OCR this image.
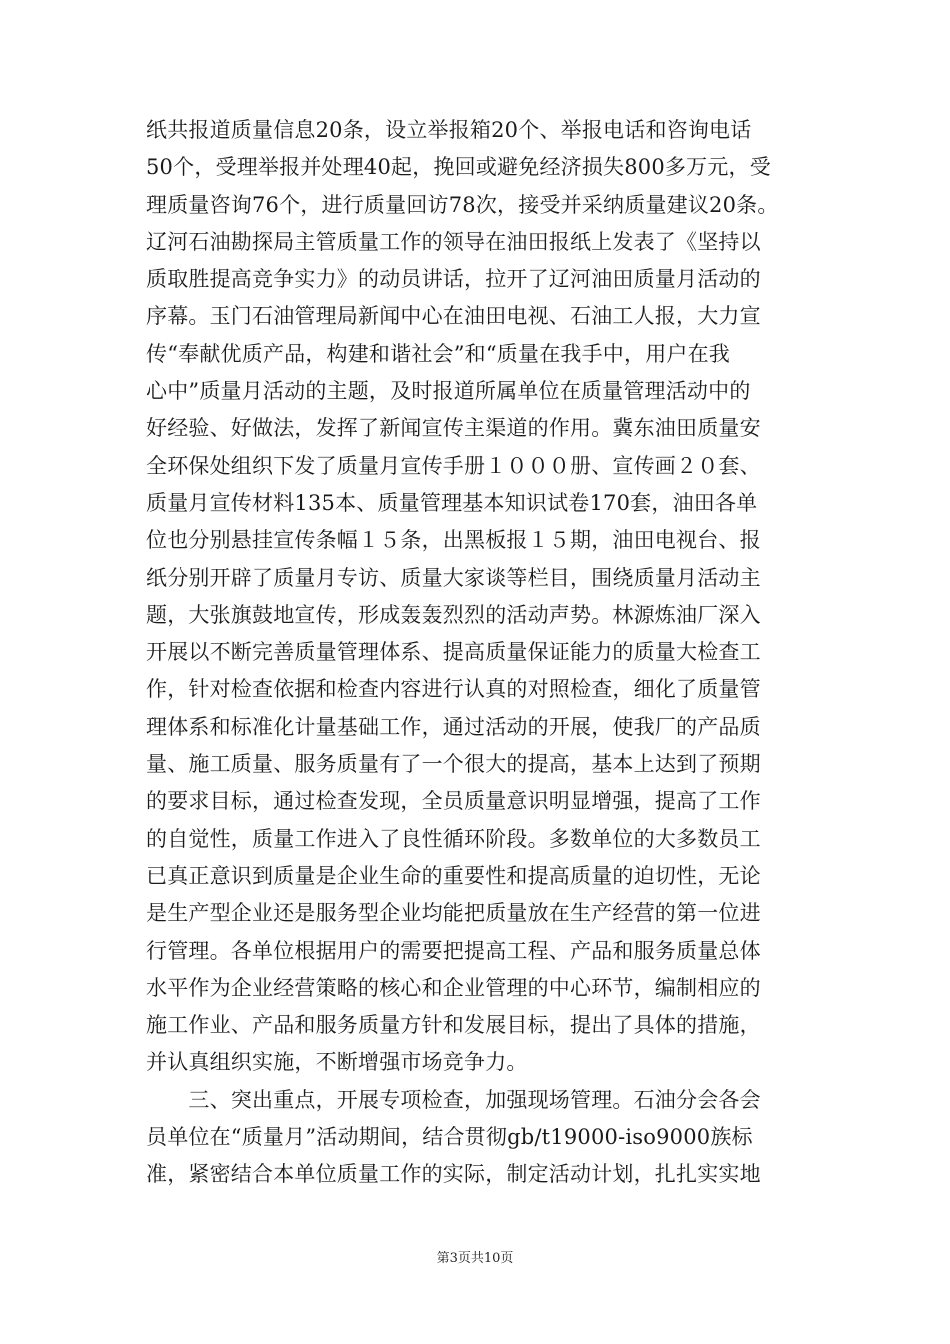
纸共报道质量信息20条，设立举报箱20个、举报电话和咨询电话
50个，受理举报并处理40起，挽回或避免经济损失800多万元，受
理质量咨询76个，进行质量回访78次，接受并采纳质量建议20条。
辽河石油勘探局主管质量工作的领导在油田报纸上发表了《坚持以
质取胜提高竞争实力》的动员讲话，拉开了辽河油田质量月活动的
序幕。玉门石油管理局新闻中心在油田电视、石油工人报，大力宣
传“奉献优质产品，构建和谐社会”和“质量在我手中，用户在我
心中”质量月活动的主题，及时报道所属单位在质量管理活动中的
好经验、好做法，发挥了新闻宣传主渠道的作用。冀东油田质量安
全环保处组织下发了质量月宣传手册１０００册、宣传画２０套、
质量月宣传材料135本、质量管理基本知识试卷170套，油田各单
位也分别悬挂宣传条幅１５条，出黑板报１５期，油田电视台、报
纸分别开辟了质量月专访、质量大家谈等栏目，围绕质量月活动主
题，大张旗鼓地宣传，形成轰轰烈烈的活动声势。林源炼油厂深入
开展以不断完善质量管理体系、提高质量保证能力的质量大检查工
作，针对检查依据和检查内容进行认真的对照检查，细化了质量管
理体系和标准化计量基础工作，通过活动的开展，使我厂的产品质
量、施工质量、服务质量有了一个很大的提高，基本上达到了预期
的要求目标，通过检查发现，全员质量意识明显增强，提高了工作
的自觉性，质量工作进入了良性循环阶段。多数单位的大多数员工
已真正意识到质量是企业生命的重要性和提高质量的迫切性，无论
是生产型企业还是服务型企业均能把质量放在生产经营的第一位进
行管理。各单位根据用户的需要把提高工程、产品和服务质量总体
水平作为企业经营策略的核心和企业管理的中心环节，编制相应的
施工作业、产品和服务质量方针和发展目标，提出了具体的措施，
并认真组织实施，不断增强市场竞争力。
　　三、突出重点，开展专项检查，加强现场管理。石油分会各会
员单位在“质量月”活动期间，结合贯彻gb/t19000-iso9000族标
准，紧密结合本单位质量工作的实际，制定活动计划，扎扎实实地
第3页共10页
